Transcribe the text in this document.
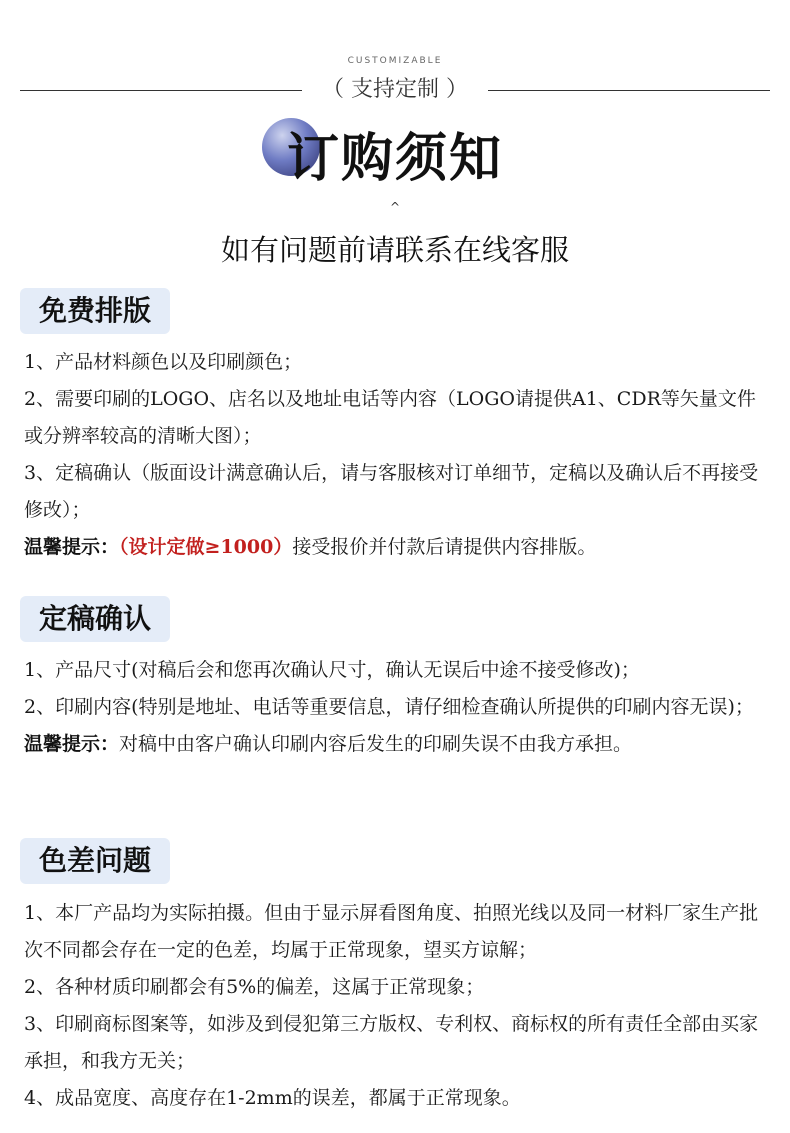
CUSTOMIZABLE
（ 支持定制 ）
订购须知
^
如有问题前请联系在线客服
免费排版

1、产品材料颜色以及印刷颜色；

2、需要印刷的LOGO、店名以及地址电话等内容（LOGO请提供A1、CDR等矢量文件或分辨率较高的清晰大图）；

3、定稿确认（版面设计满意确认后，请与客服核对订单细节，定稿以及确认后不再接受修改）；

温馨提示：（设计定做≥1000）接受报价并付款后请提供内容排版。

定稿确认

1、产品尺寸(对稿后会和您再次确认尺寸，确认无误后中途不接受修改)；

2、印刷内容(特别是地址、电话等重要信息，请仔细检查确认所提供的印刷内容无误)；

温馨提示：对稿中由客户确认印刷内容后发生的印刷失误不由我方承担。

色差问题

1、本厂产品均为实际拍摄。但由于显示屏看图角度、拍照光线以及同一材料厂家生产批次不同都会存在一定的色差，均属于正常现象，望买方谅解；

2、各种材质印刷都会有5%的偏差，这属于正常现象；

3、印刷商标图案等，如涉及到侵犯第三方版权、专利权、商标权的所有责任全部由买家承担，和我方无关；

4、成品宽度、高度存在1-2mm的误差，都属于正常现象。
